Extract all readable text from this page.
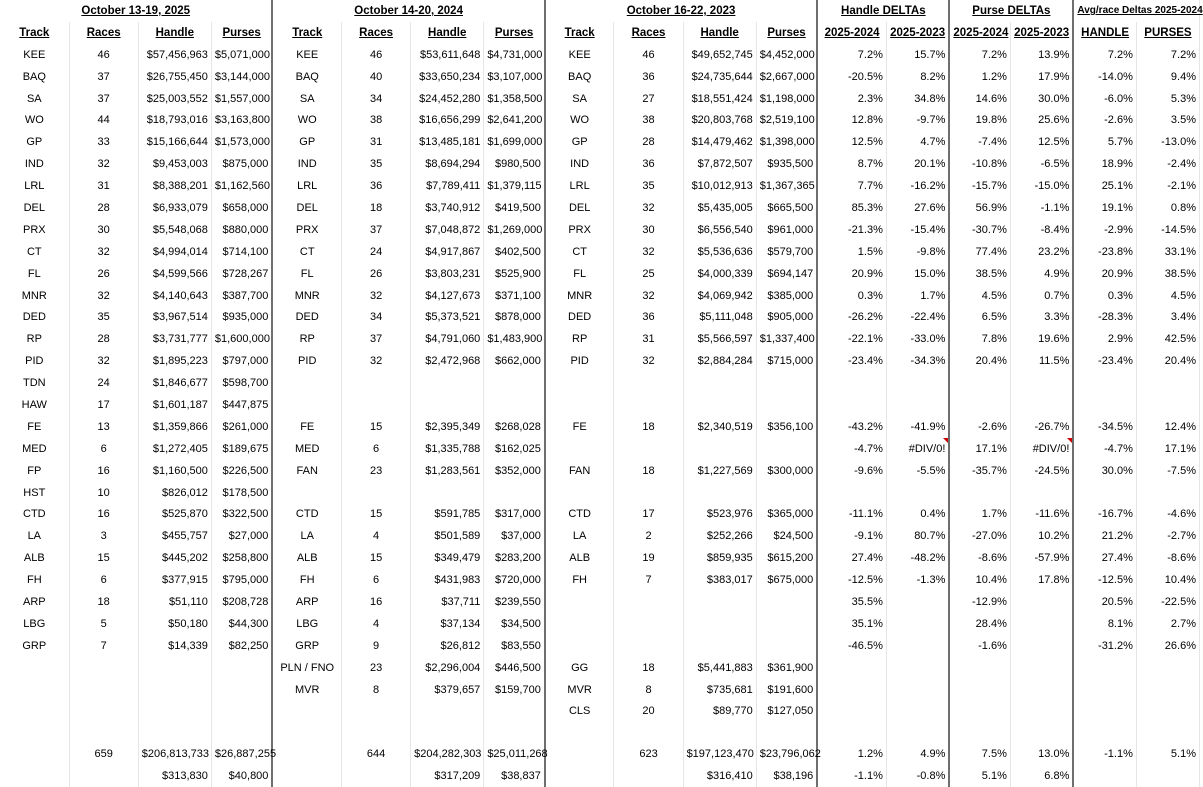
October 13-19, 2025				October 14-20, 2024				October 16-22, 2023				Handle DELTAs		Purse DELTAs		Avg/race Deltas 2025-2024	
Track	Races	Handle	Purses	Track	Races	Handle	Purses	Track	Races	Handle	Purses	2025-2024	2025-2023	2025-2024	2025-2023	HANDLE	PURSES
KEE	46	$57,456,963	$5,071,000	KEE	46	$53,611,648	$4,731,000	KEE	46	$49,652,745	$4,452,000	7.2%	15.7%	7.2%	13.9%	7.2%	7.2%
BAQ	37	$26,755,450	$3,144,000	BAQ	40	$33,650,234	$3,107,000	BAQ	36	$24,735,644	$2,667,000	-20.5%	8.2%	1.2%	17.9%	-14.0%	9.4%
SA	37	$25,003,552	$1,557,000	SA	34	$24,452,280	$1,358,500	SA	27	$18,551,424	$1,198,000	2.3%	34.8%	14.6%	30.0%	-6.0%	5.3%
WO	44	$18,793,016	$3,163,800	WO	38	$16,656,299	$2,641,200	WO	38	$20,803,768	$2,519,100	12.8%	-9.7%	19.8%	25.6%	-2.6%	3.5%
GP	33	$15,166,644	$1,573,000	GP	31	$13,485,181	$1,699,000	GP	28	$14,479,462	$1,398,000	12.5%	4.7%	-7.4%	12.5%	5.7%	-13.0%
IND	32	$9,453,003	$875,000	IND	35	$8,694,294	$980,500	IND	36	$7,872,507	$935,500	8.7%	20.1%	-10.8%	-6.5%	18.9%	-2.4%
LRL	31	$8,388,201	$1,162,560	LRL	36	$7,789,411	$1,379,115	LRL	35	$10,012,913	$1,367,365	7.7%	-16.2%	-15.7%	-15.0%	25.1%	-2.1%
DEL	28	$6,933,079	$658,000	DEL	18	$3,740,912	$419,500	DEL	32	$5,435,005	$665,500	85.3%	27.6%	56.9%	-1.1%	19.1%	0.8%
PRX	30	$5,548,068	$880,000	PRX	37	$7,048,872	$1,269,000	PRX	30	$6,556,540	$961,000	-21.3%	-15.4%	-30.7%	-8.4%	-2.9%	-14.5%
CT	32	$4,994,014	$714,100	CT	24	$4,917,867	$402,500	CT	32	$5,536,636	$579,700	1.5%	-9.8%	77.4%	23.2%	-23.8%	33.1%
FL	26	$4,599,566	$728,267	FL	26	$3,803,231	$525,900	FL	25	$4,000,339	$694,147	20.9%	15.0%	38.5%	4.9%	20.9%	38.5%
MNR	32	$4,140,643	$387,700	MNR	32	$4,127,673	$371,100	MNR	32	$4,069,942	$385,000	0.3%	1.7%	4.5%	0.7%	0.3%	4.5%
DED	35	$3,967,514	$935,000	DED	34	$5,373,521	$878,000	DED	36	$5,111,048	$905,000	-26.2%	-22.4%	6.5%	3.3%	-28.3%	3.4%
RP	28	$3,731,777	$1,600,000	RP	37	$4,791,060	$1,483,900	RP	31	$5,566,597	$1,337,400	-22.1%	-33.0%	7.8%	19.6%	2.9%	42.5%
PID	32	$1,895,223	$797,000	PID	32	$2,472,968	$662,000	PID	32	$2,884,284	$715,000	-23.4%	-34.3%	20.4%	11.5%	-23.4%	20.4%
TDN	24	$1,846,677	$598,700														
HAW	17	$1,601,187	$447,875														
FE	13	$1,359,866	$261,000	FE	15	$2,395,349	$268,028	FE	18	$2,340,519	$356,100	-43.2%	-41.9%	-2.6%	-26.7%	-34.5%	12.4%
MED	6	$1,272,405	$189,675	MED	6	$1,335,788	$162,025					-4.7%	#DIV/0!	17.1%	#DIV/0!	-4.7%	17.1%
FP	16	$1,160,500	$226,500	FAN	23	$1,283,561	$352,000	FAN	18	$1,227,569	$300,000	-9.6%	-5.5%	-35.7%	-24.5%	30.0%	-7.5%
HST	10	$826,012	$178,500														
CTD	16	$525,870	$322,500	CTD	15	$591,785	$317,000	CTD	17	$523,976	$365,000	-11.1%	0.4%	1.7%	-11.6%	-16.7%	-4.6%
LA	3	$455,757	$27,000	LA	4	$501,589	$37,000	LA	2	$252,266	$24,500	-9.1%	80.7%	-27.0%	10.2%	21.2%	-2.7%
ALB	15	$445,202	$258,800	ALB	15	$349,479	$283,200	ALB	19	$859,935	$615,200	27.4%	-48.2%	-8.6%	-57.9%	27.4%	-8.6%
FH	6	$377,915	$795,000	FH	6	$431,983	$720,000	FH	7	$383,017	$675,000	-12.5%	-1.3%	10.4%	17.8%	-12.5%	10.4%
ARP	18	$51,110	$208,728	ARP	16	$37,711	$239,550					35.5%		-12.9%		20.5%	-22.5%
LBG	5	$50,180	$44,300	LBG	4	$37,134	$34,500					35.1%		28.4%		8.1%	2.7%
GRP	7	$14,339	$82,250	GRP	9	$26,812	$83,550					-46.5%		-1.6%		-31.2%	26.6%
				PLN / FNO	23	$2,296,004	$446,500	GG	18	$5,441,883	$361,900						
				MVR	8	$379,657	$159,700	MVR	8	$735,681	$191,600						
								CLS	20	$89,770	$127,050						

	659	$206,813,733	$26,887,255		644	$204,282,303	$25,011,268		623	$197,123,470	$23,796,062	1.2%	4.9%	7.5%	13.0%	-1.1%	5.1%
		$313,830	$40,800			$317,209	$38,837			$316,410	$38,196	-1.1%	-0.8%	5.1%	6.8%		
